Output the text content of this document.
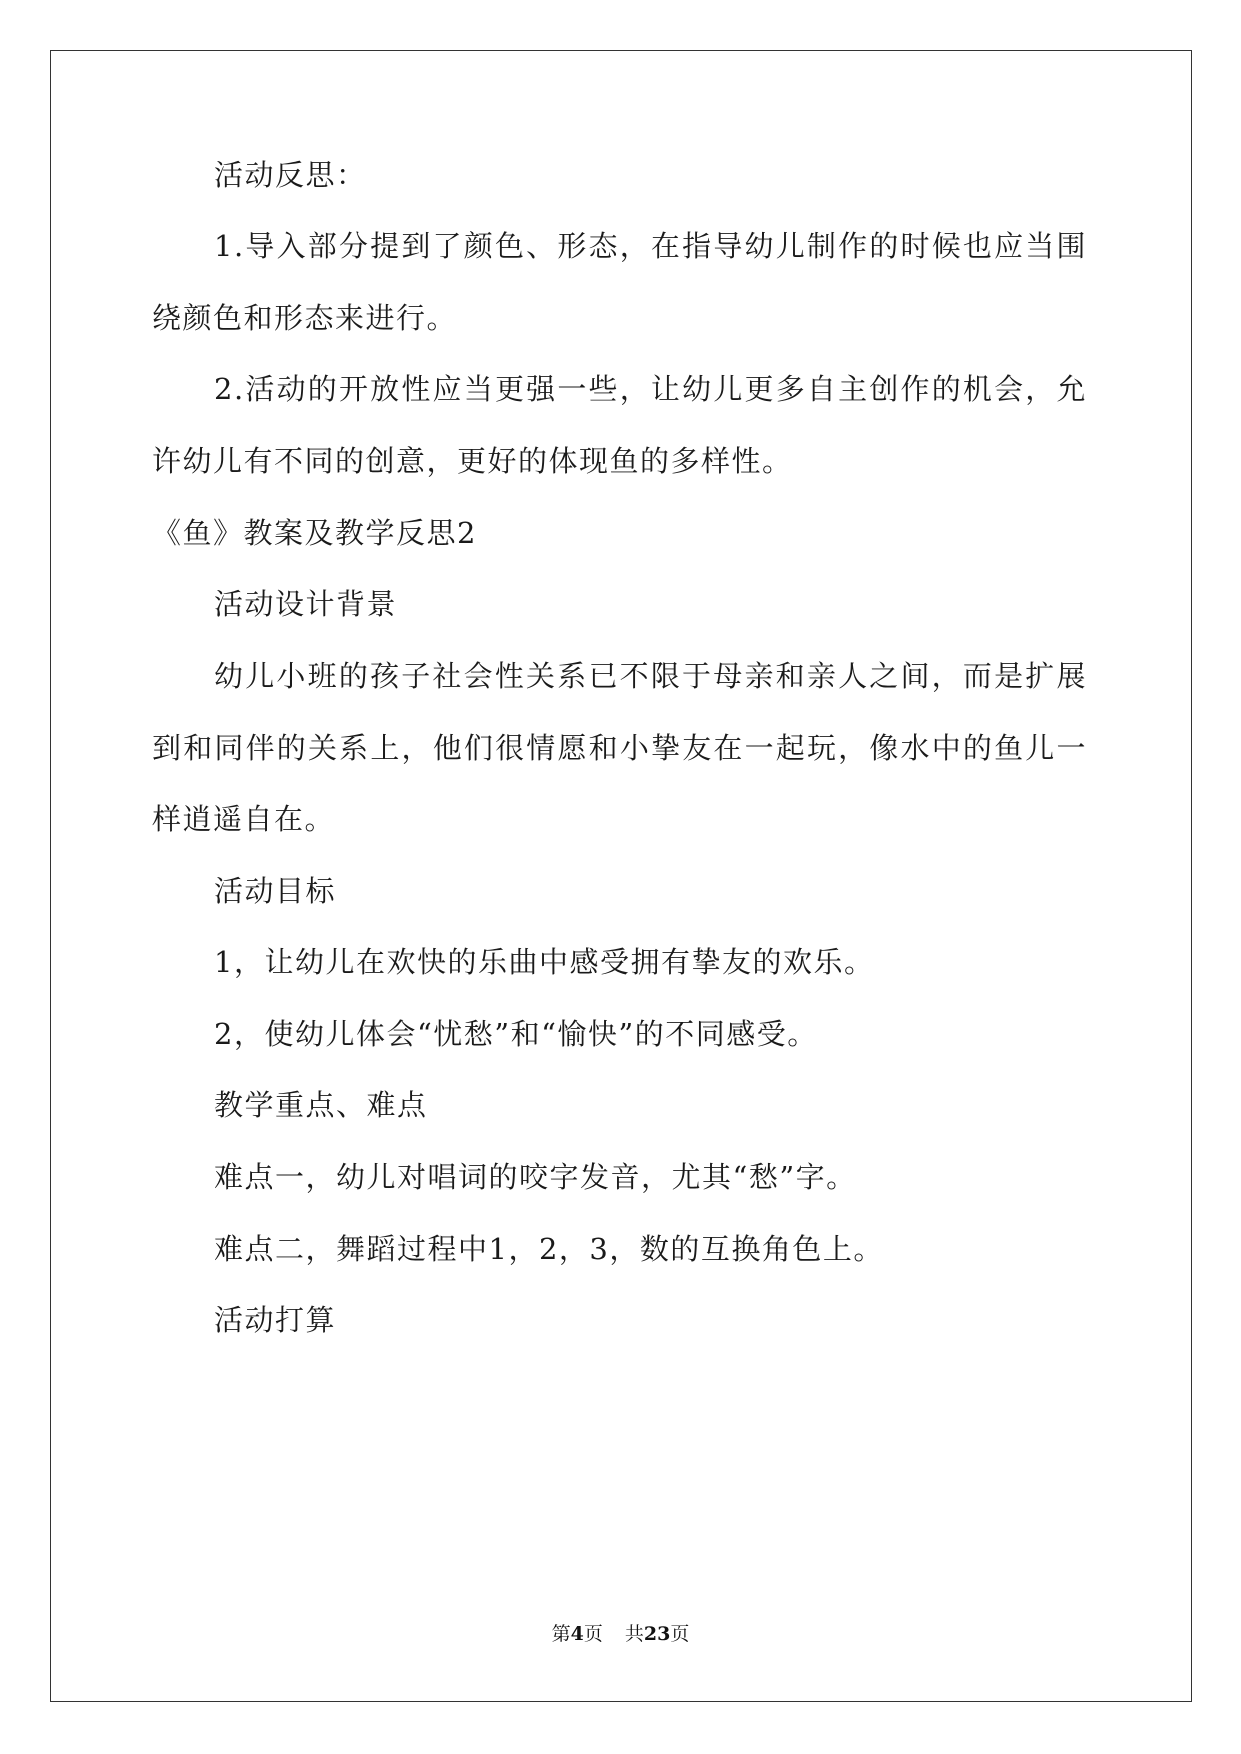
活动反思：
1.导入部分提到了颜色、形态，在指导幼儿制作的时候也应当围
绕颜色和形态来进行。
2.活动的开放性应当更强一些，让幼儿更多自主创作的机会，允
许幼儿有不同的创意，更好的体现鱼的多样性。
《鱼》教案及教学反思2
活动设计背景
幼儿小班的孩子社会性关系已不限于母亲和亲人之间，而是扩展
到和同伴的关系上，他们很情愿和小挚友在一起玩，像水中的鱼儿一
样逍遥自在。
活动目标
1，让幼儿在欢快的乐曲中感受拥有挚友的欢乐。
2，使幼儿体会“忧愁”和“愉快”的不同感受。
教学重点、难点
难点一，幼儿对唱词的咬字发音，尤其“愁”字。
难点二，舞蹈过程中1，2，3，数的互换角色上。
活动打算
第4页 共23页
